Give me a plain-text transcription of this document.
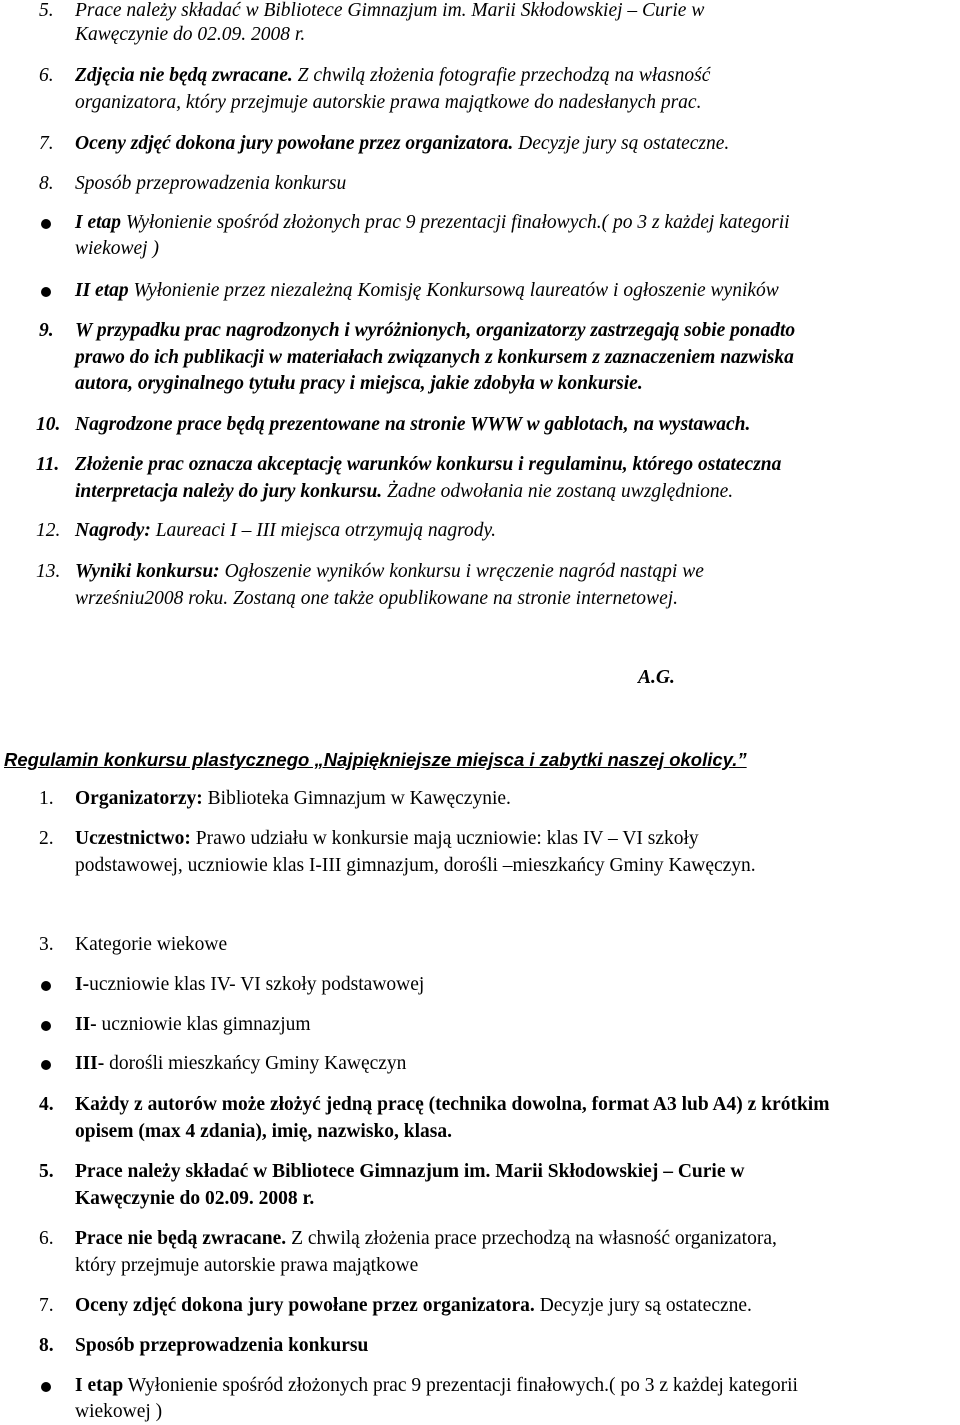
5. Prace należy składać w Bibliotece Gimnazjum im. Marii Skłodowskiej – Curie w
Kawęczynie do 02.09. 2008 r.
6. Zdjęcia nie będą zwracane. Z chwilą złożenia fotografie przechodzą na własność
organizatora, który przejmuje autorskie prawa majątkowe do nadesłanych prac.
7. Oceny zdjęć dokona jury powołane przez organizatora. Decyzje jury są ostateczne.
8. Sposób przeprowadzenia konkursu
I etap Wyłonienie spośród złożonych prac 9 prezentacji finałowych.( po 3 z każdej kategorii
wiekowej )
II etap Wyłonienie przez niezależną Komisję Konkursową laureatów i ogłoszenie wyników
9. W przypadku prac nagrodzonych i wyróżnionych, organizatorzy zastrzegają sobie ponadto
prawo do ich publikacji w materiałach związanych z konkursem z zaznaczeniem nazwiska
autora, oryginalnego tytułu pracy i miejsca, jakie zdobyła w konkursie.
10. Nagrodzone prace będą prezentowane na stronie WWW w gablotach, na wystawach.
11. Złożenie prac oznacza akceptację warunków konkursu i regulaminu, którego ostateczna
interpretacja należy do jury konkursu. Żadne odwołania nie zostaną uwzględnione.
12. Nagrody: Laureaci I – III miejsca otrzymują nagrody.
13. Wyniki konkursu: Ogłoszenie wyników konkursu i wręczenie nagród nastąpi we
wrześniu2008 roku. Zostaną one także opublikowane na stronie internetowej.
A.G.
Regulamin konkursu plastycznego „Najpiękniejsze miejsca i zabytki naszej okolicy.”
1. Organizatorzy: Biblioteka Gimnazjum w Kawęczynie.
2. Uczestnictwo: Prawo udziału w konkursie mają uczniowie: klas IV – VI szkoły
podstawowej, uczniowie klas I-III gimnazjum, dorośli –mieszkańcy Gminy Kawęczyn.
3. Kategorie wiekowe
I-uczniowie klas IV- VI szkoły podstawowej
II- uczniowie klas gimnazjum
III- dorośli mieszkańcy Gminy Kawęczyn
4. Każdy z autorów może złożyć jedną pracę (technika dowolna, format A3 lub A4) z krótkim
opisem (max 4 zdania), imię, nazwisko, klasa.
5. Prace należy składać w Bibliotece Gimnazjum im. Marii Skłodowskiej – Curie w
Kawęczynie do 02.09. 2008 r.
6. Prace nie będą zwracane. Z chwilą złożenia prace przechodzą na własność organizatora,
który przejmuje autorskie prawa majątkowe
7. Oceny zdjęć dokona jury powołane przez organizatora. Decyzje jury są ostateczne.
8. Sposób przeprowadzenia konkursu
I etap Wyłonienie spośród złożonych prac 9 prezentacji finałowych.( po 3 z każdej kategorii
wiekowej )
